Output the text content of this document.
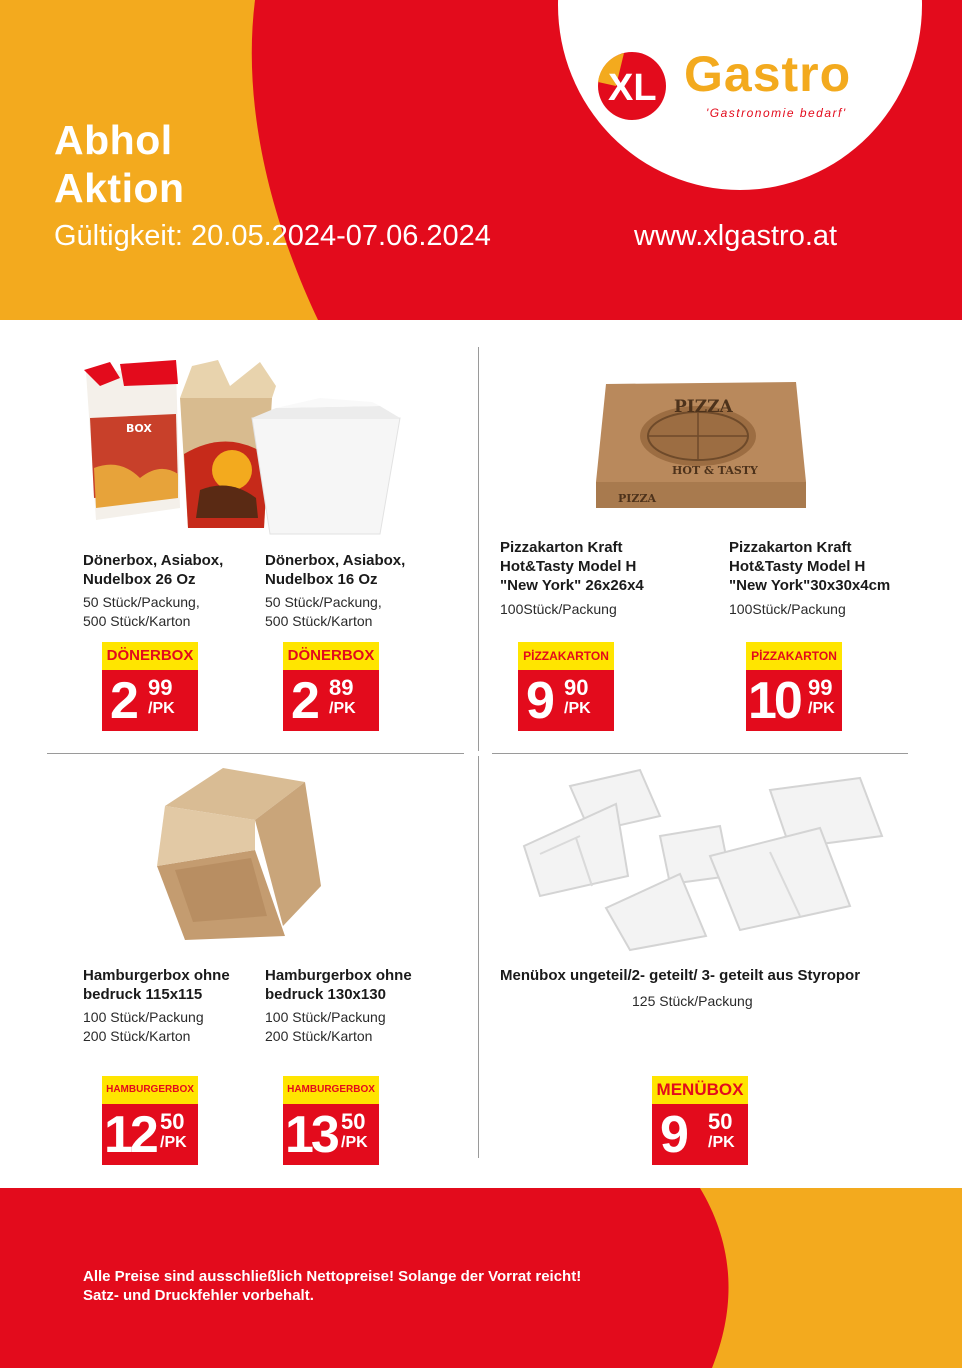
XL Gastro
'Gastronomie bedarf'
Abhol
Aktion
Gültigkeit: 20.05.2024-07.06.2024	www.xlgastro.at
BOX
PIZZA
HOT & TASTY
PIZZA
Dönerbox, Asiabox,
Nudelbox 26 Oz
50 Stück/Packung,
500 Stück/Karton
DÖNERBOX
2 99
/PK
Dönerbox, Asiabox,
Nudelbox 16 Oz
50 Stück/Packung,
500 Stück/Karton
DÖNERBOX
2 89
/PK
Pizzakarton Kraft
Hot&Tasty Model H
"New York" 26x26x4
100Stück/Packung
PİZZAKARTON
9 90
/PK
Pizzakarton Kraft
Hot&Tasty Model H
"New York"30x30x4cm
100Stück/Packung
PİZZAKARTON
10 99
/PK
Hamburgerbox ohne
bedruck 115x115
100 Stück/Packung
200 Stück/Karton
HAMBURGERBOX
12 50
/PK
Hamburgerbox ohne
bedruck 130x130
100 Stück/Packung
200 Stück/Karton
HAMBURGERBOX
13 50
/PK
Menübox ungeteil/2- geteilt/ 3- geteilt aus Styropor
125 Stück/Packung
MENÜBOX
9 50
/PK
Alle Preise sind ausschließlich Nettopreise! Solange der Vorrat reicht!
Satz- und Druckfehler vorbehalt.
